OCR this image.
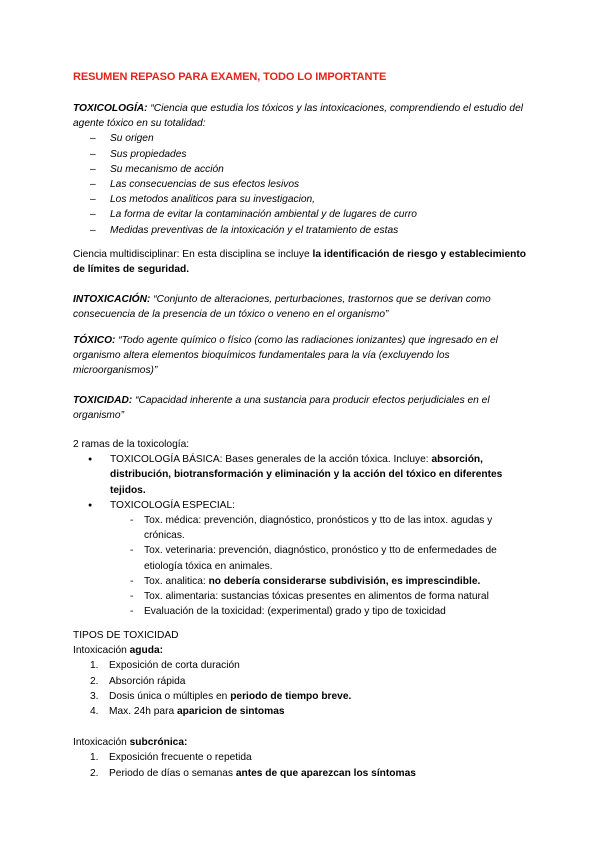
RESUMEN REPASO PARA EXAMEN, TODO LO IMPORTANTE
TOXICOLOGÍA: “Ciencia que estudia los tóxicos y las intoxicaciones, comprendiendo el estudio del agente tóxico en su totalidad:
– Su origen
– Sus propiedades
– Su mecanismo de acción
– Las consecuencias de sus efectos lesivos
– Los metodos analiticos para su investigacion,
– La forma de evitar la contaminación ambiental y de lugares de curro
– Medidas preventivas de la intoxicación y el tratamiento de estas
Ciencia multidisciplinar: En esta disciplina se incluye la identificación de riesgo y establecimiento de límites de seguridad.
INTOXICACIÓN: “Conjunto de alteraciones, perturbaciones, trastornos que se derivan como consecuencia de la presencia de un tóxico o veneno en el organismo”
TÓXICO: “Todo agente químico o físico (como las radiaciones ionizantes) que ingresado en el organismo altera elementos bioquímicos fundamentales para la vía (excluyendo los microorganismos)”
TOXICIDAD: “Capacidad inherente a una sustancia para producir efectos perjudiciales en el organismo”
2 ramas de la toxicología:
● TOXICOLOGÍA BÁSICA: Bases generales de la acción tóxica. Incluye: absorción, distribución, biotransformación y eliminación y la acción del tóxico en diferentes tejidos.
● TOXICOLOGÍA ESPECIAL:
- Tox. médica: prevención, diagnóstico, pronósticos y tto de las intox. agudas y crónicas.
- Tox. veterinaria: prevención, diagnóstico, pronóstico y tto de enfermedades de etiología tóxica en animales.
- Tox. analitica: no debería considerarse subdivisión, es imprescindible.
- Tox. alimentaria: sustancias tóxicas presentes en alimentos de forma natural
- Evaluación de la toxicidad: (experimental) grado y tipo de toxicidad
TIPOS DE TOXICIDAD
Intoxicación aguda:
1. Exposición de corta duración
2. Absorción rápida
3. Dosis única o múltiples en periodo de tiempo breve.
4. Max. 24h para aparicion de sintomas
Intoxicación subcrónica:
1. Exposición frecuente o repetida
2. Periodo de días o semanas antes de que aparezcan los síntomas
